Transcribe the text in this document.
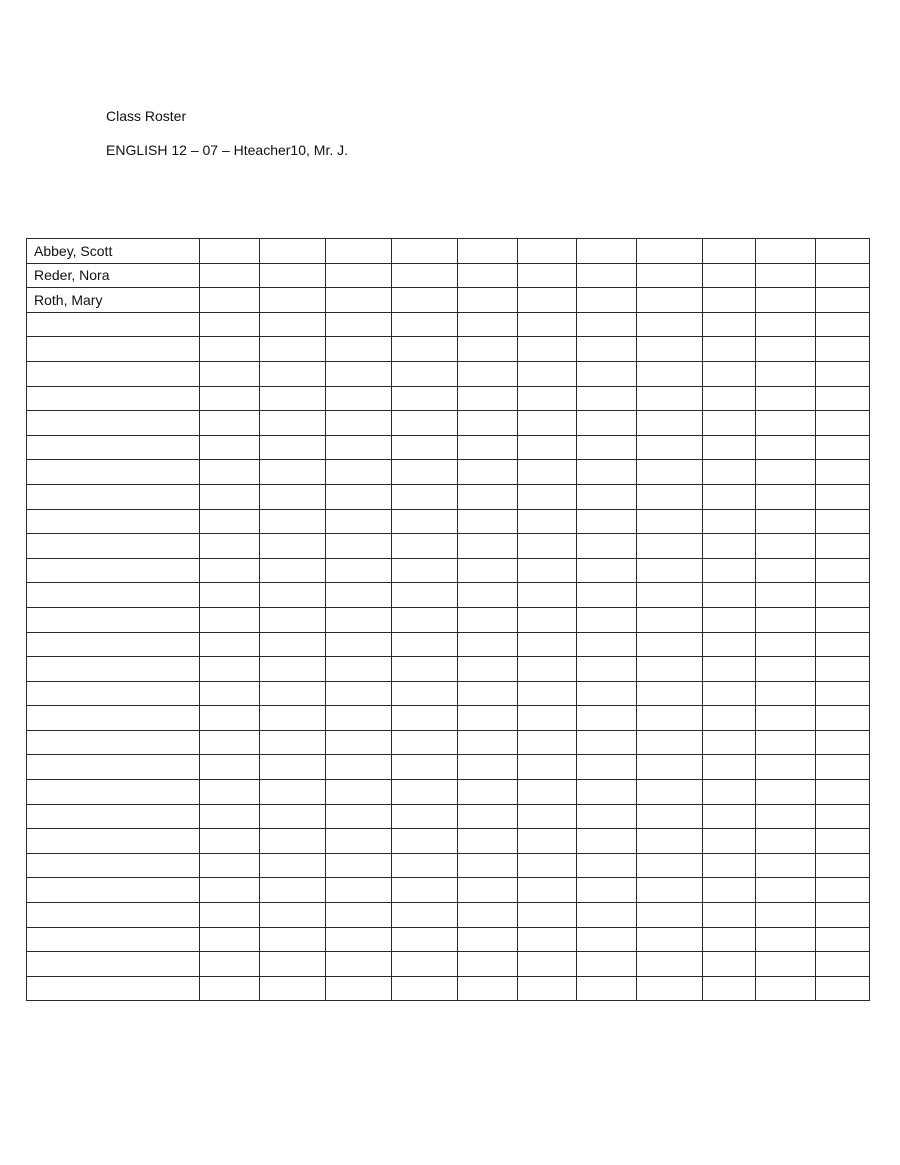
Class Roster
ENGLISH 12 – 07 – Hteacher10, Mr. J.
Abbey, Scott											
Reder, Nora											
Roth, Mary											
